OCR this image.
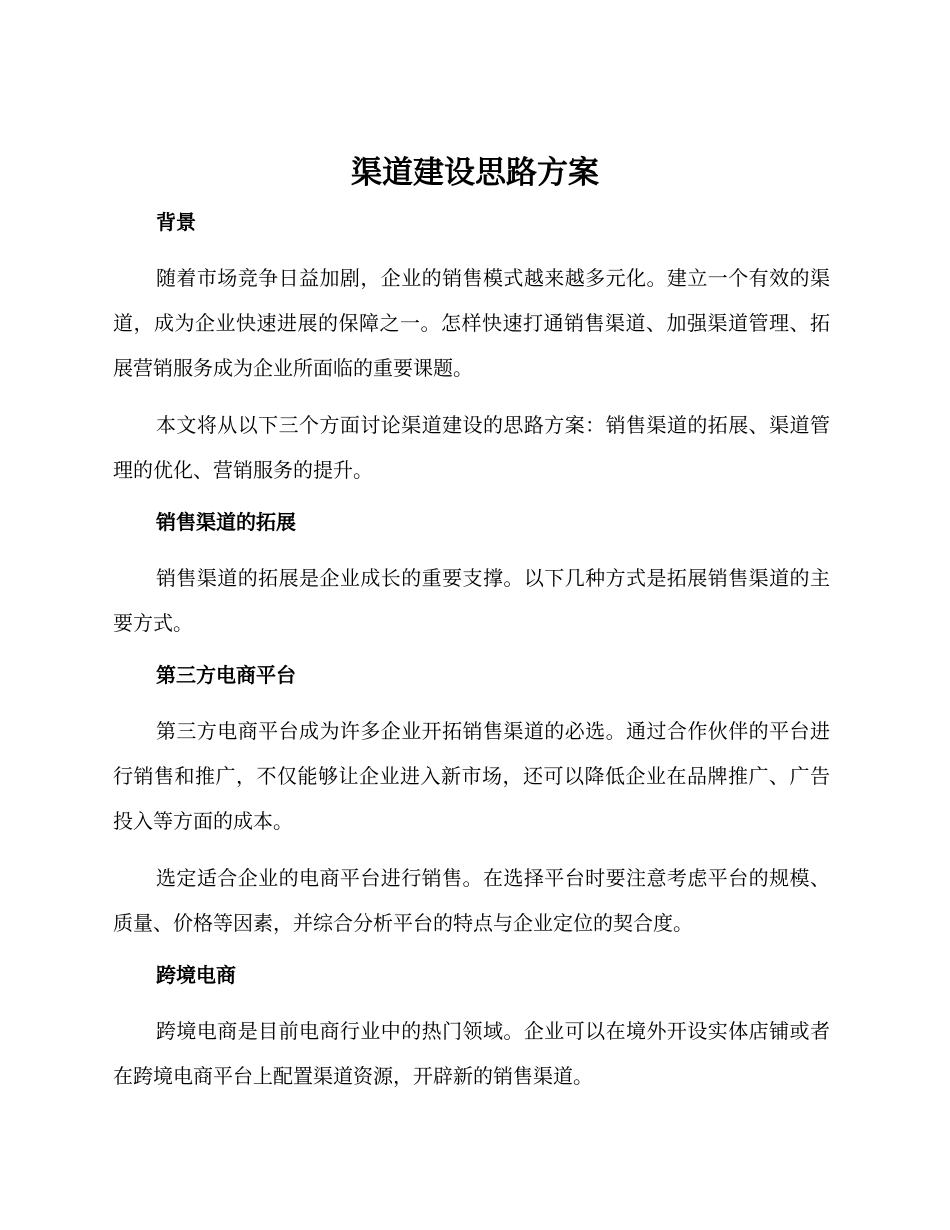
渠道建设思路方案

背景

随着市场竞争日益加剧，企业的销售模式越来越多元化。建立一个有效的渠道，成为企业快速进展的保障之一。怎样快速打通销售渠道、加强渠道管理、拓展营销服务成为企业所面临的重要课题。

本文将从以下三个方面讨论渠道建设的思路方案：销售渠道的拓展、渠道管理的优化、营销服务的提升。

销售渠道的拓展

销售渠道的拓展是企业成长的重要支撑。以下几种方式是拓展销售渠道的主要方式。

第三方电商平台

第三方电商平台成为许多企业开拓销售渠道的必选。通过合作伙伴的平台进行销售和推广，不仅能够让企业进入新市场，还可以降低企业在品牌推广、广告投入等方面的成本。

选定适合企业的电商平台进行销售。在选择平台时要注意考虑平台的规模、质量、价格等因素，并综合分析平台的特点与企业定位的契合度。

跨境电商

跨境电商是目前电商行业中的热门领域。企业可以在境外开设实体店铺或者在跨境电商平台上配置渠道资源，开辟新的销售渠道。
